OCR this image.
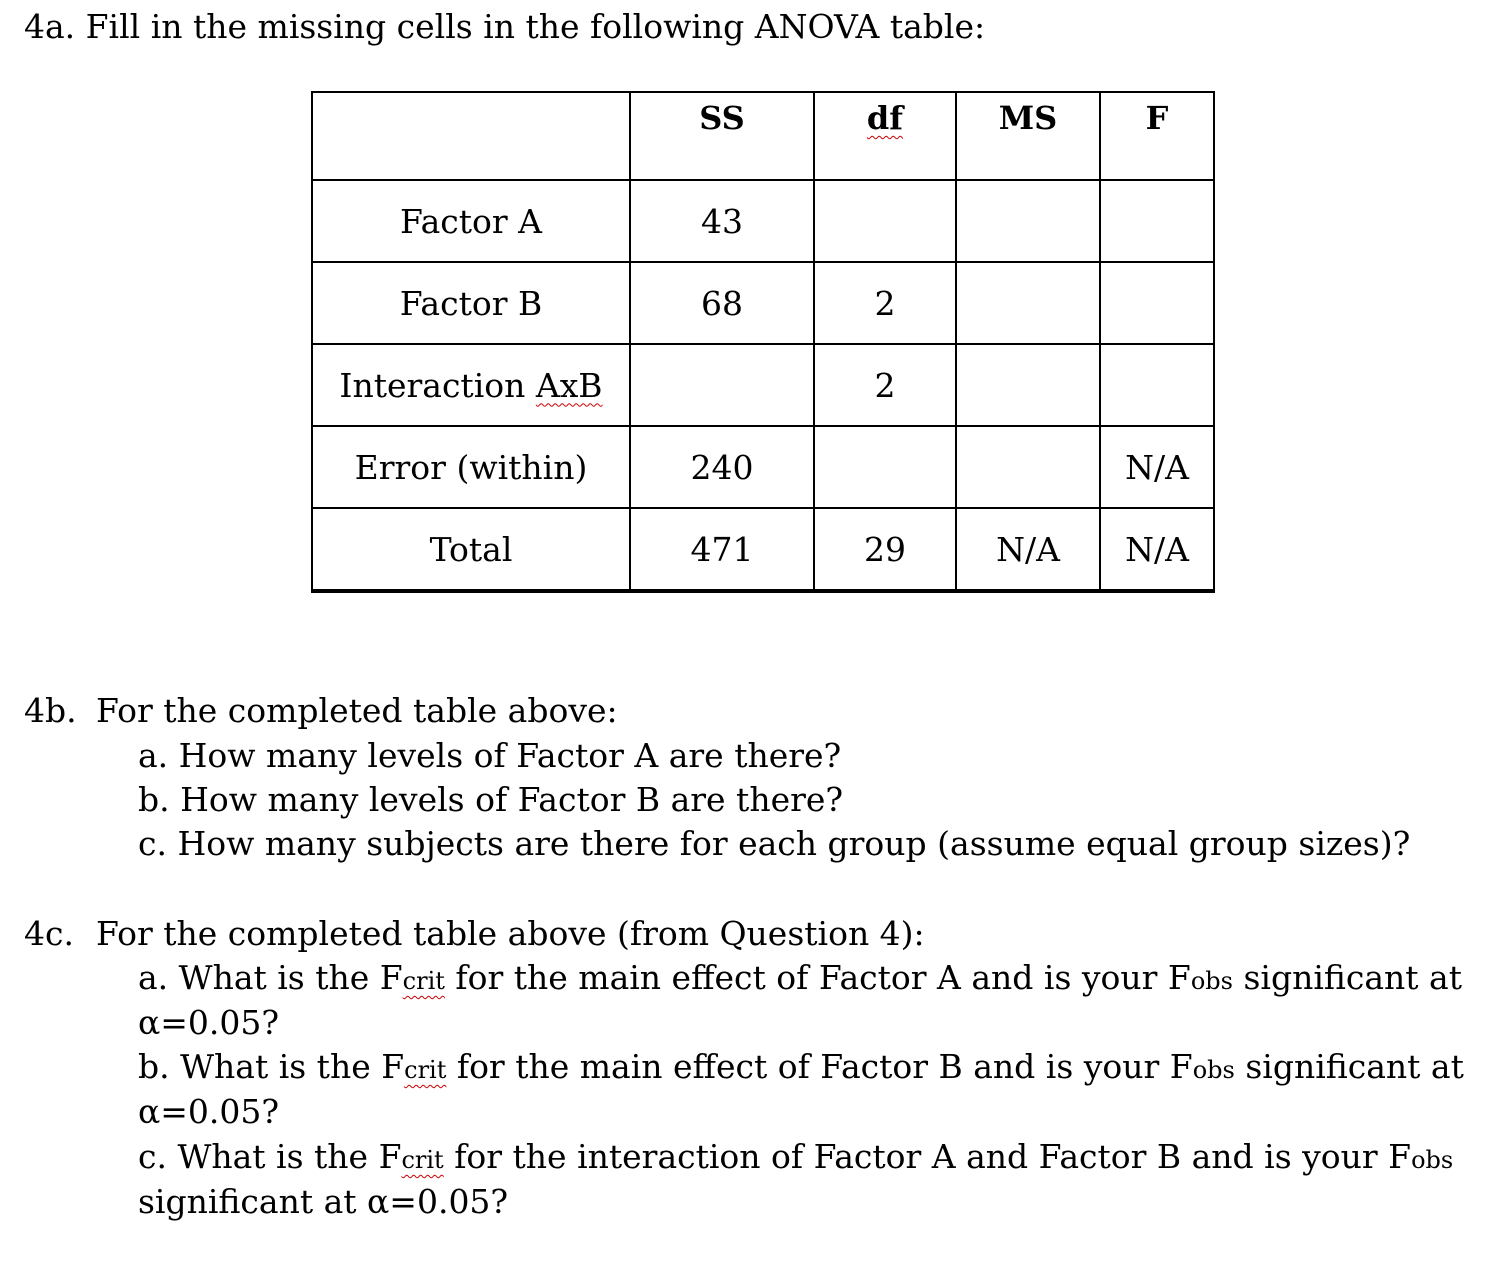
4a. Fill in the missing cells in the following ANOVA table:
	SS	df	MS	F
Factor A	43			
Factor B	68	2		
Interaction AxB		2		
Error (within)	240			N/A
Total	471	29	N/A	N/A
4b. For the completed table above:
a. How many levels of Factor A are there?
b. How many levels of Factor B are there?
c. How many subjects are there for each group (assume equal group sizes)?
4c. For the completed table above (from Question 4):
a. What is the Fcrit for the main effect of Factor A and is your Fobs significant at
α=0.05?
b. What is the Fcrit for the main effect of Factor B and is your Fobs significant at
α=0.05?
c. What is the Fcrit for the interaction of Factor A and Factor B and is your Fobs
significant at α=0.05?
